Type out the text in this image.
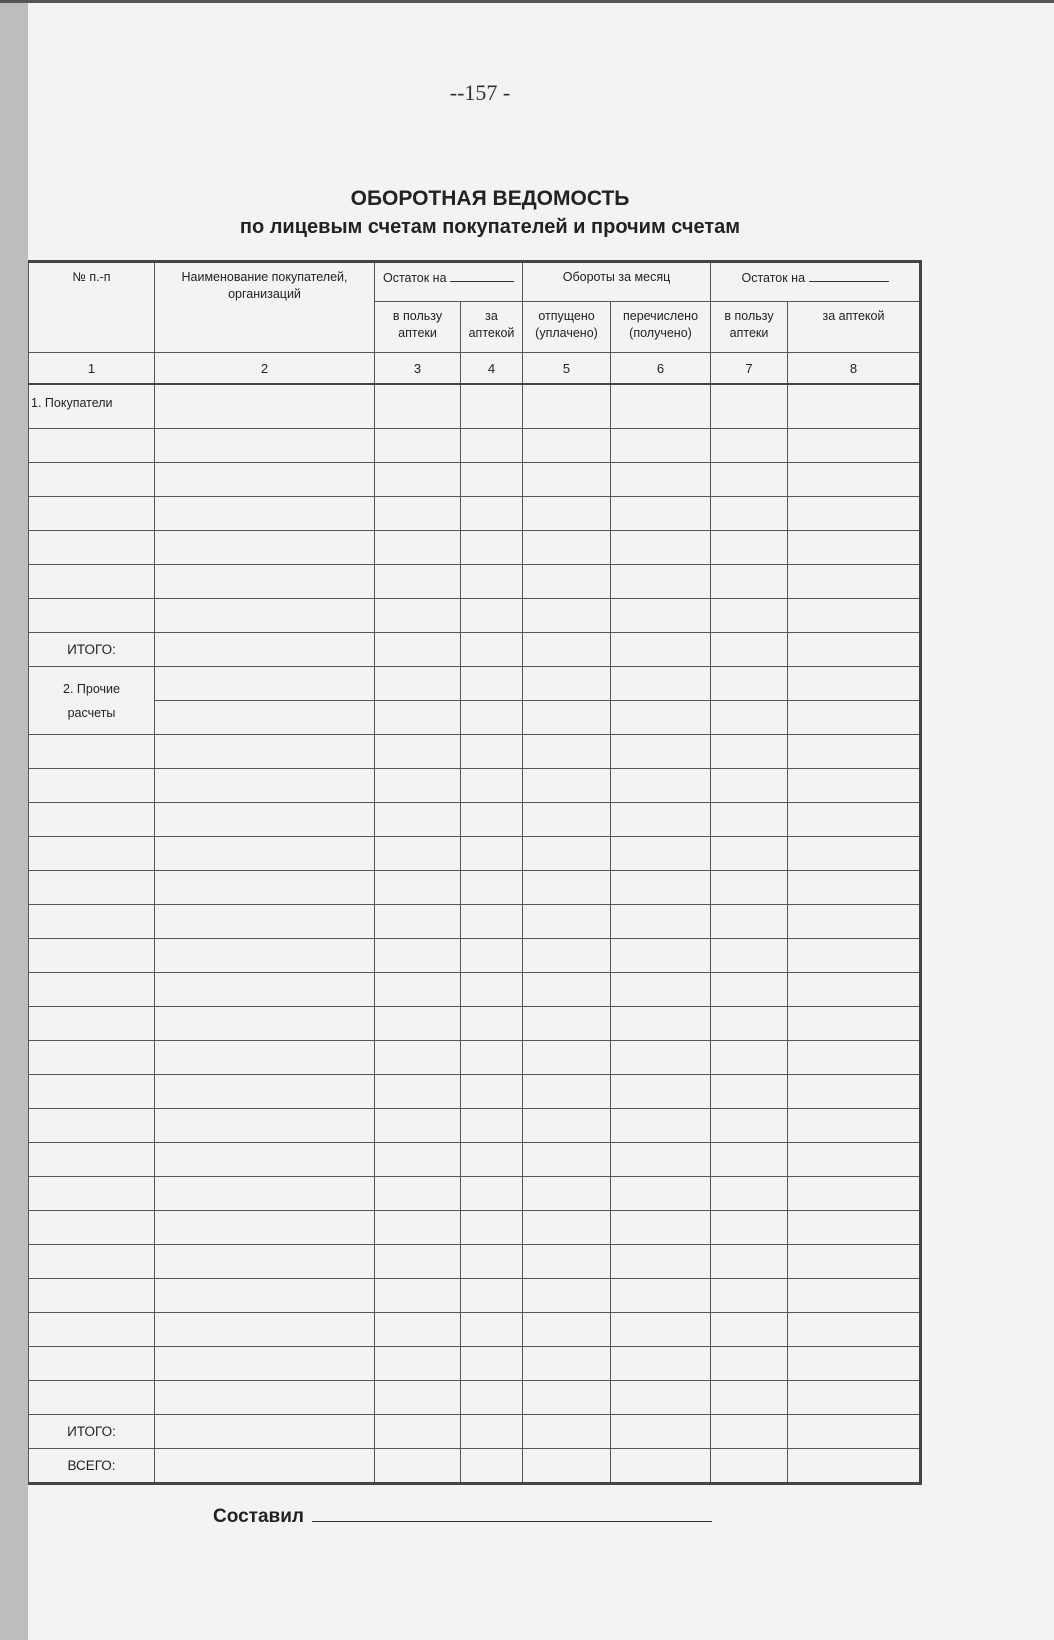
--157 -
ОБОРОТНАЯ ВЕДОМОСТЬ
по лицевым счетам покупателей и прочим счетам
№ п.-п	Наименование покупателей, организаций	Остаток на		Обороты за месяц		Остаток на	
		в пользу аптеки	за аптекой	отпущено (уплачено)	перечислено (получено)	в пользу аптеки	за аптекой
1	2	3	4	5	6	7	8
1. Покупатели							

ИТОГО:							
2. Прочие расчеты							

ИТОГО:							
ВСЕГО:							
Составил
